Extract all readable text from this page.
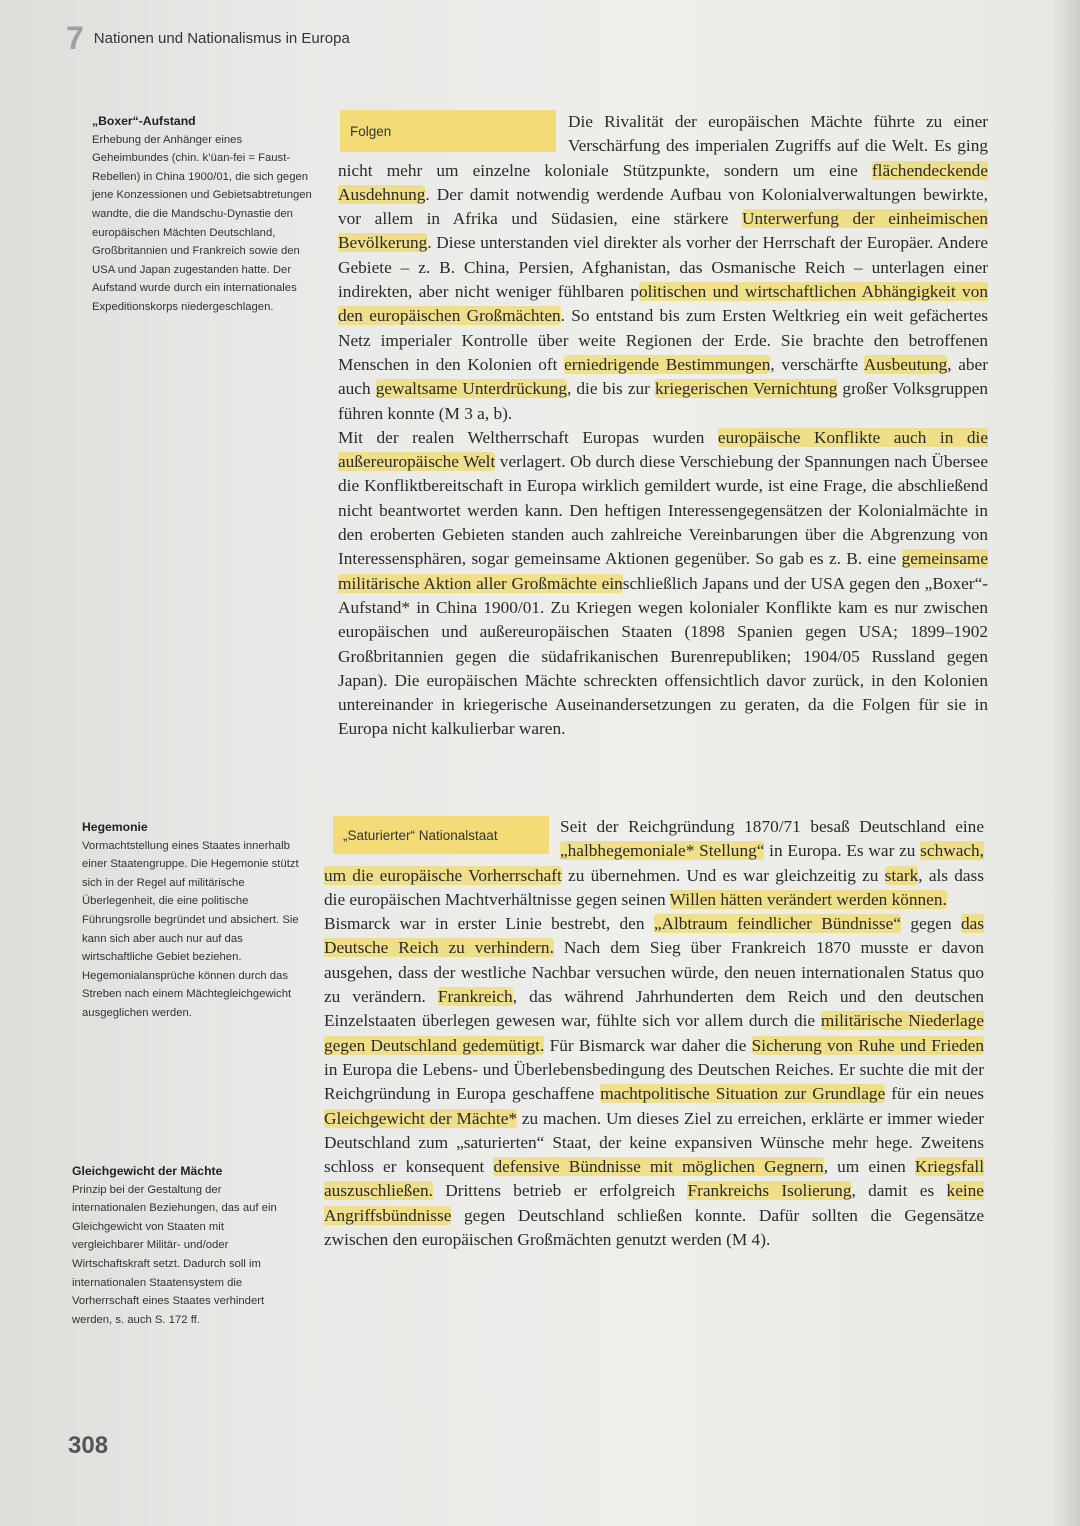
7 Nationen und Nationalismus in Europa
„Boxer“-Aufstand
Erhebung der Anhänger eines Geheimbundes (chin. k’üan-fei = Faust-Rebellen) in China 1900/01, die sich gegen jene Konzessionen und Gebietsabtretungen wandte, die die Mandschu-Dynastie den europäischen Mächten Deutschland, Großbritannien und Frankreich sowie den USA und Japan zugestanden hatte. Der Aufstand wurde durch ein internationales Expeditionskorps niedergeschlagen.
Hegemonie
Vormachtstellung eines Staates innerhalb einer Staatengruppe. Die Hegemonie stützt sich in der Regel auf militärische Überlegenheit, die eine politische Führungsrolle begründet und absichert. Sie kann sich aber auch nur auf das wirtschaftliche Gebiet beziehen. Hegemonialansprüche können durch das Streben nach einem Mächtegleichgewicht ausgeglichen werden.
Gleichgewicht der Mächte
Prinzip bei der Gestaltung der internationalen Beziehungen, das auf ein Gleichgewicht von Staaten mit vergleichbarer Militär- und/oder Wirtschaftskraft setzt. Dadurch soll im internationalen Staatensystem die Vorherrschaft eines Staates verhindert werden, s. auch S. 172 ff.
Folgen	Die Rivalität der europäischen Mächte führte zu einer Verschärfung des imperialen Zugriffs auf die Welt. Es ging nicht mehr um einzelne koloniale Stützpunkte, sondern um eine flächendeckende Ausdehnung. Der damit notwendig werdende Aufbau von Kolonialverwaltungen bewirkte, vor allem in Afrika und Südasien, eine stärkere Unterwerfung der einheimischen Bevölkerung. Diese unterstanden viel direkter als vorher der Herrschaft der Europäer. Andere Gebiete – z. B. China, Persien, Afghanistan, das Osmanische Reich – unterlagen einer indirekten, aber nicht weniger fühlbaren politischen und wirtschaftlichen Abhängigkeit von den europäischen Großmächten. So entstand bis zum Ersten Weltkrieg ein weit gefächertes Netz imperialer Kontrolle über weite Regionen der Erde. Sie brachte den betroffenen Menschen in den Kolonien oft erniedrigende Bestimmungen, verschärfte Ausbeutung, aber auch gewaltsame Unterdrückung, die bis zur kriegerischen Vernichtung großer Volksgruppen führen konnte (M 3 a, b).

Mit der realen Weltherrschaft Europas wurden europäische Konflikte auch in die außereuropäische Welt verlagert. Ob durch diese Verschiebung der Spannungen nach Übersee die Konfliktbereitschaft in Europa wirklich gemildert wurde, ist eine Frage, die abschließend nicht beantwortet werden kann. Den heftigen Interessengegensätzen der Kolonialmächte in den eroberten Gebieten standen auch zahlreiche Vereinbarungen über die Abgrenzung von Interessensphären, sogar gemeinsame Aktionen gegenüber. So gab es z. B. eine gemeinsame militärische Aktion aller Großmächte einschließlich Japans und der USA gegen den „Boxer“-Aufstand* in China 1900/01. Zu Kriegen wegen kolonialer Konflikte kam es nur zwischen europäischen und außereuropäischen Staaten (1898 Spanien gegen USA; 1899–1902 Großbritannien gegen die südafrikanischen Burenrepubliken; 1904/05 Russland gegen Japan). Die europäischen Mächte schreckten offensichtlich davor zurück, in den Kolonien untereinander in kriegerische Auseinandersetzungen zu geraten, da die Folgen für sie in Europa nicht kalkulierbar waren.

„Saturierter“ Nationalstaat	Seit der Reichgründung 1870/71 besaß Deutschland eine „halbhegemoniale* Stellung“ in Europa. Es war zu schwach, um die europäische Vorherrschaft zu übernehmen. Und es war gleichzeitig zu stark, als dass die europäischen Machtverhältnisse gegen seinen Willen hätten verändert werden können.

Bismarck war in erster Linie bestrebt, den „Albtraum feindlicher Bündnisse“ gegen das Deutsche Reich zu verhindern. Nach dem Sieg über Frankreich 1870 musste er davon ausgehen, dass der westliche Nachbar versuchen würde, den neuen internationalen Status quo zu verändern. Frankreich, das während Jahrhunderten dem Reich und den deutschen Einzelstaaten überlegen gewesen war, fühlte sich vor allem durch die militärische Niederlage gegen Deutschland gedemütigt. Für Bismarck war daher die Sicherung von Ruhe und Frieden in Europa die Lebens- und Überlebensbedingung des Deutschen Reiches. Er suchte die mit der Reichgründung in Europa geschaffene machtpolitische Situation zur Grundlage für ein neues Gleichgewicht der Mächte* zu machen. Um dieses Ziel zu erreichen, erklärte er immer wieder Deutschland zum „saturierten“ Staat, der keine expansiven Wünsche mehr hege. Zweitens schloss er konsequent defensive Bündnisse mit möglichen Gegnern, um einen Kriegsfall auszuschließen. Drittens betrieb er erfolgreich Frankreichs Isolierung, damit es keine Angriffsbündnisse gegen Deutschland schließen konnte. Dafür sollten die Gegensätze zwischen den europäischen Großmächten genutzt werden (M 4).

308
